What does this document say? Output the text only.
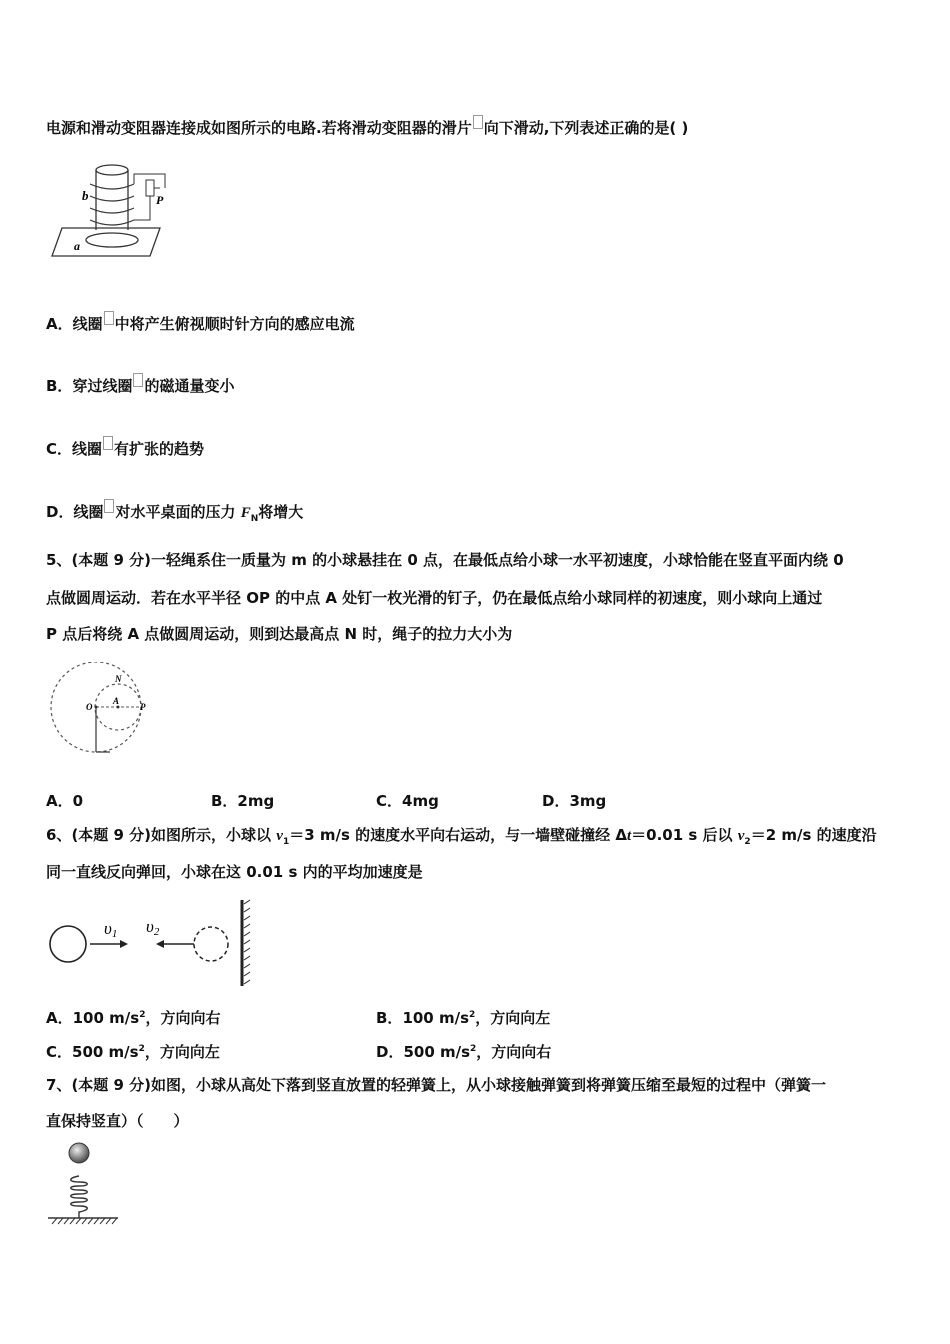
电源和滑动变阻器连接成如图所示的电路.若将滑动变阻器的滑片 向下滑动,下列表述正确的是( )
b	P
a
A．线圈 中将产生俯视顺时针方向的感应电流
B．穿过线圈 的磁通量变小
C．线圈 有扩张的趋势
D．线圈 对水平桌面的压力 $F_N$将增大
5、(本题 9 分)一轻绳系住一质量为 m 的小球悬挂在 0 点，在最低点给小球一水平初速度，小球恰能在竖直平面内绕 0
点做圆周运动．若在水平半径 OP 的中点 A 处钉一枚光滑的钉子，仍在最低点给小球同样的初速度，则小球向上通过
P 点后将绕 A 点做圆周运动，则到达最高点 N 时，绳子的拉力大小为
O
A
P
N
A．0	B．2mg	C．4mg	D．3mg
6、(本题 9 分)如图所示，小球以 $v_1=3$ m/s 的速度水平向右运动，与一墙壁碰撞经 Δt＝0.01 s 后以 $v_2=2$ m/s 的速度沿
同一直线反向弹回，小球在这 0.01 s 内的平均加速度是
υ1 υ2
A．100 $m/s^2$，方向向右	B．100 $m/s^2$，方向向左
C．500 $m/s^2$，方向向左	D．500 $m/s^2$，方向向右
7、(本题 9 分)如图，小球从高处下落到竖直放置的轻弹簧上，从小球接触弹簧到将弹簧压缩至最短的过程中（弹簧一
直保持竖直）（　　）
